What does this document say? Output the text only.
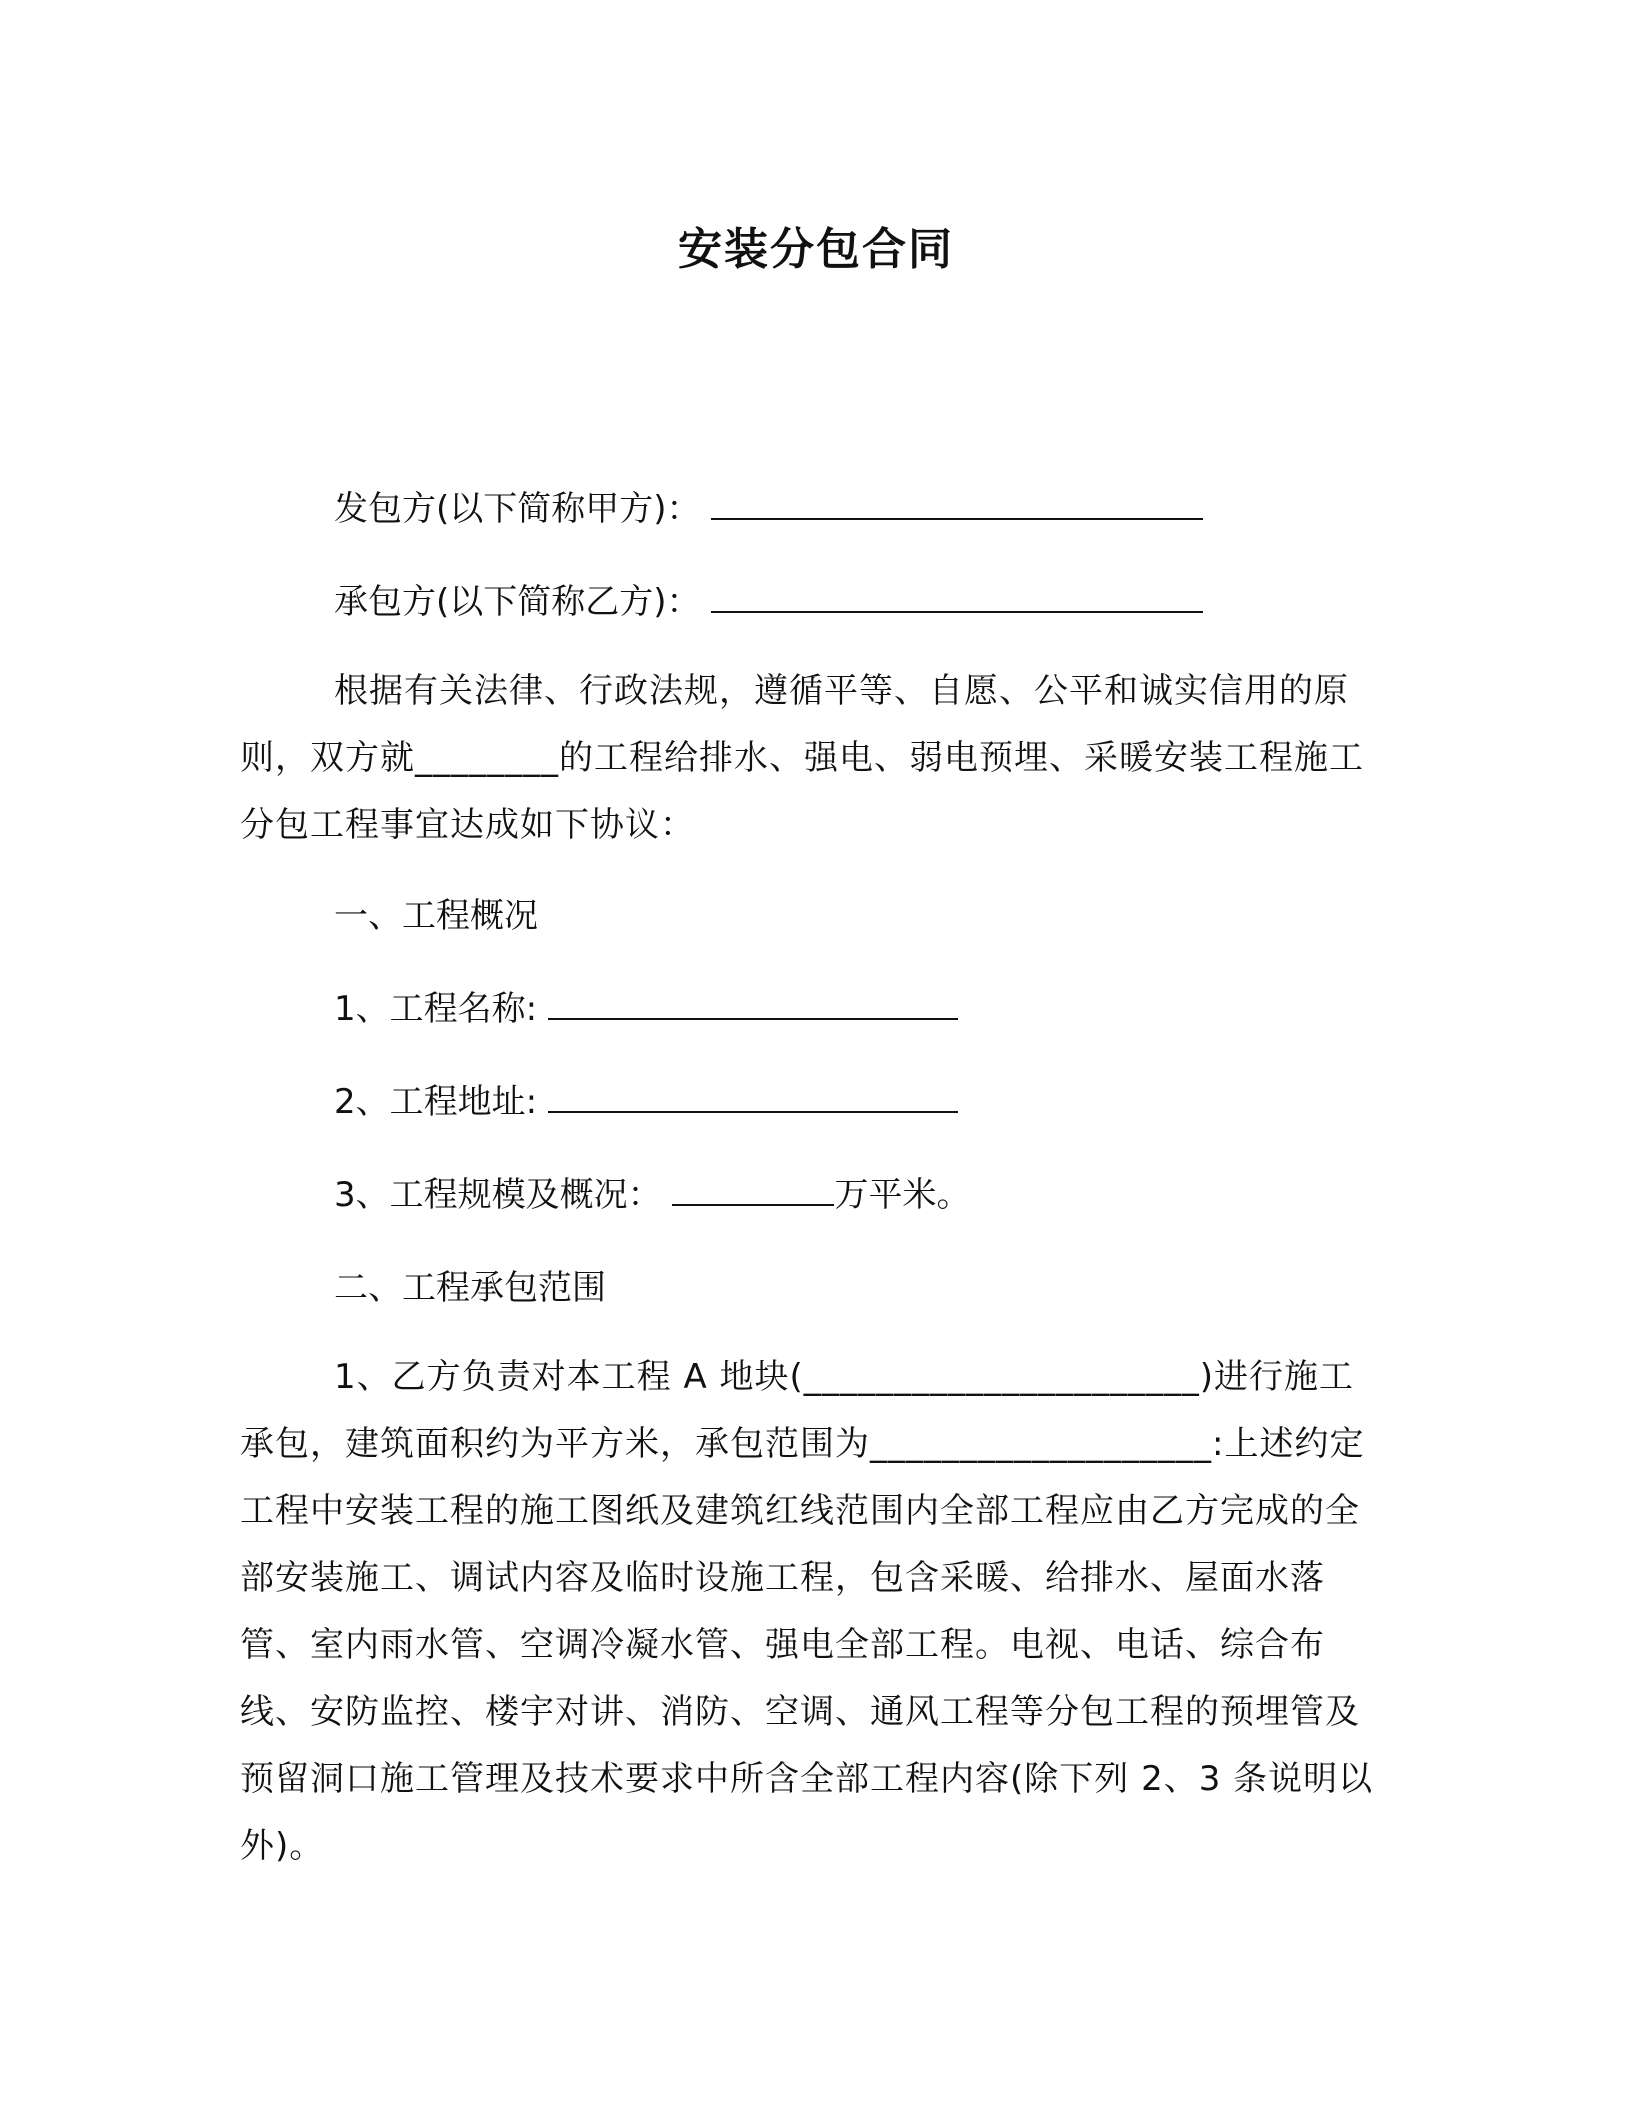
安装分包合同
发包方(以下简称甲方)：
承包方(以下简称乙方)：
根据有关法律、行政法规，遵循平等、自愿、公平和诚实信用的原则，双方就________的工程给排水、强电、弱电预埋、采暖安装工程施工分包工程事宜达成如下协议：
一、工程概况
1、工程名称:
2、工程地址:
3、工程规模及概况：	万平米。
二、工程承包范围
1、乙方负责对本工程 A 地块(______________________)进行施工承包，建筑面积约为平方米，承包范围为___________________:上述约定工程中安装工程的施工图纸及建筑红线范围内全部工程应由乙方完成的全部安装施工、调试内容及临时设施工程，包含采暖、给排水、屋面水落管、室内雨水管、空调冷凝水管、强电全部工程。电视、电话、综合布线、安防监控、楼宇对讲、消防、空调、通风工程等分包工程的预埋管及预留洞口施工管理及技术要求中所含全部工程内容(除下列 2、3 条说明以外)。
